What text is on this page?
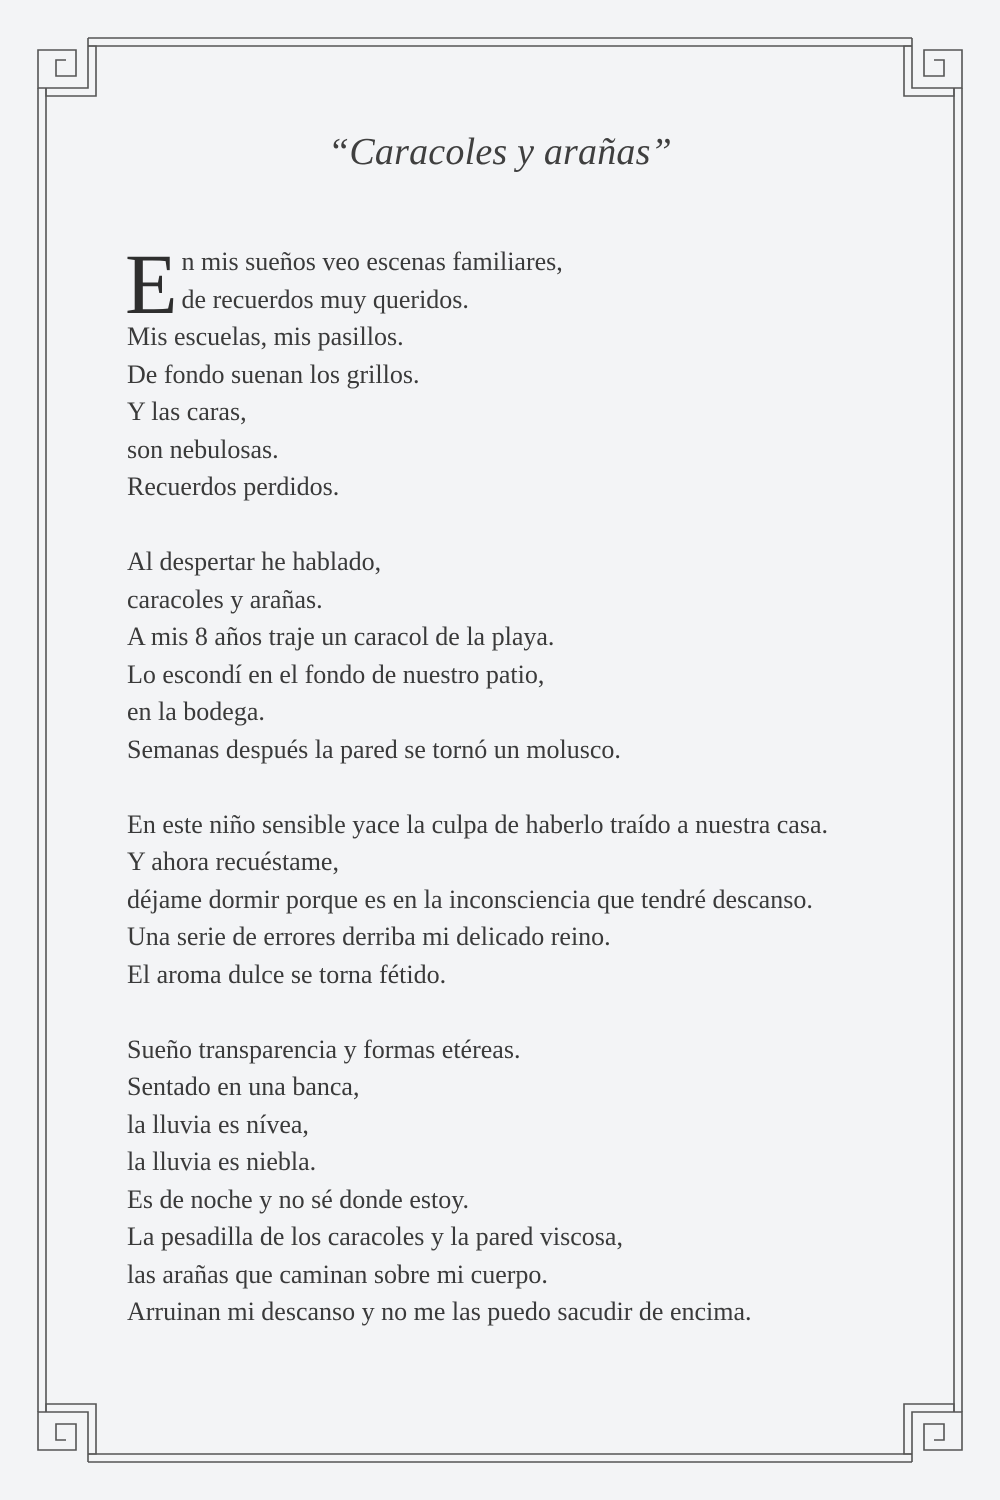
“Caracoles y arañas”
E n mis sueños veo escenas familiares,
de recuerdos muy queridos.
Mis escuelas, mis pasillos.
De fondo suenan los grillos.
Y las caras,
son nebulosas.
Recuerdos perdidos.
Al despertar he hablado,
caracoles y arañas.
A mis 8 años traje un caracol de la playa.
Lo escondí en el fondo de nuestro patio,
en la bodega.
Semanas después la pared se tornó un molusco.
En este niño sensible yace la culpa de haberlo traído a nuestra casa.
Y ahora recuéstame,
déjame dormir porque es en la inconsciencia que tendré descanso.
Una serie de errores derriba mi delicado reino.
El aroma dulce se torna fétido.
Sueño transparencia y formas etéreas.
Sentado en una banca,
la lluvia es nívea,
la lluvia es niebla.
Es de noche y no sé donde estoy.
La pesadilla de los caracoles y la pared viscosa,
las arañas que caminan sobre mi cuerpo.
Arruinan mi descanso y no me las puedo sacudir de encima.
